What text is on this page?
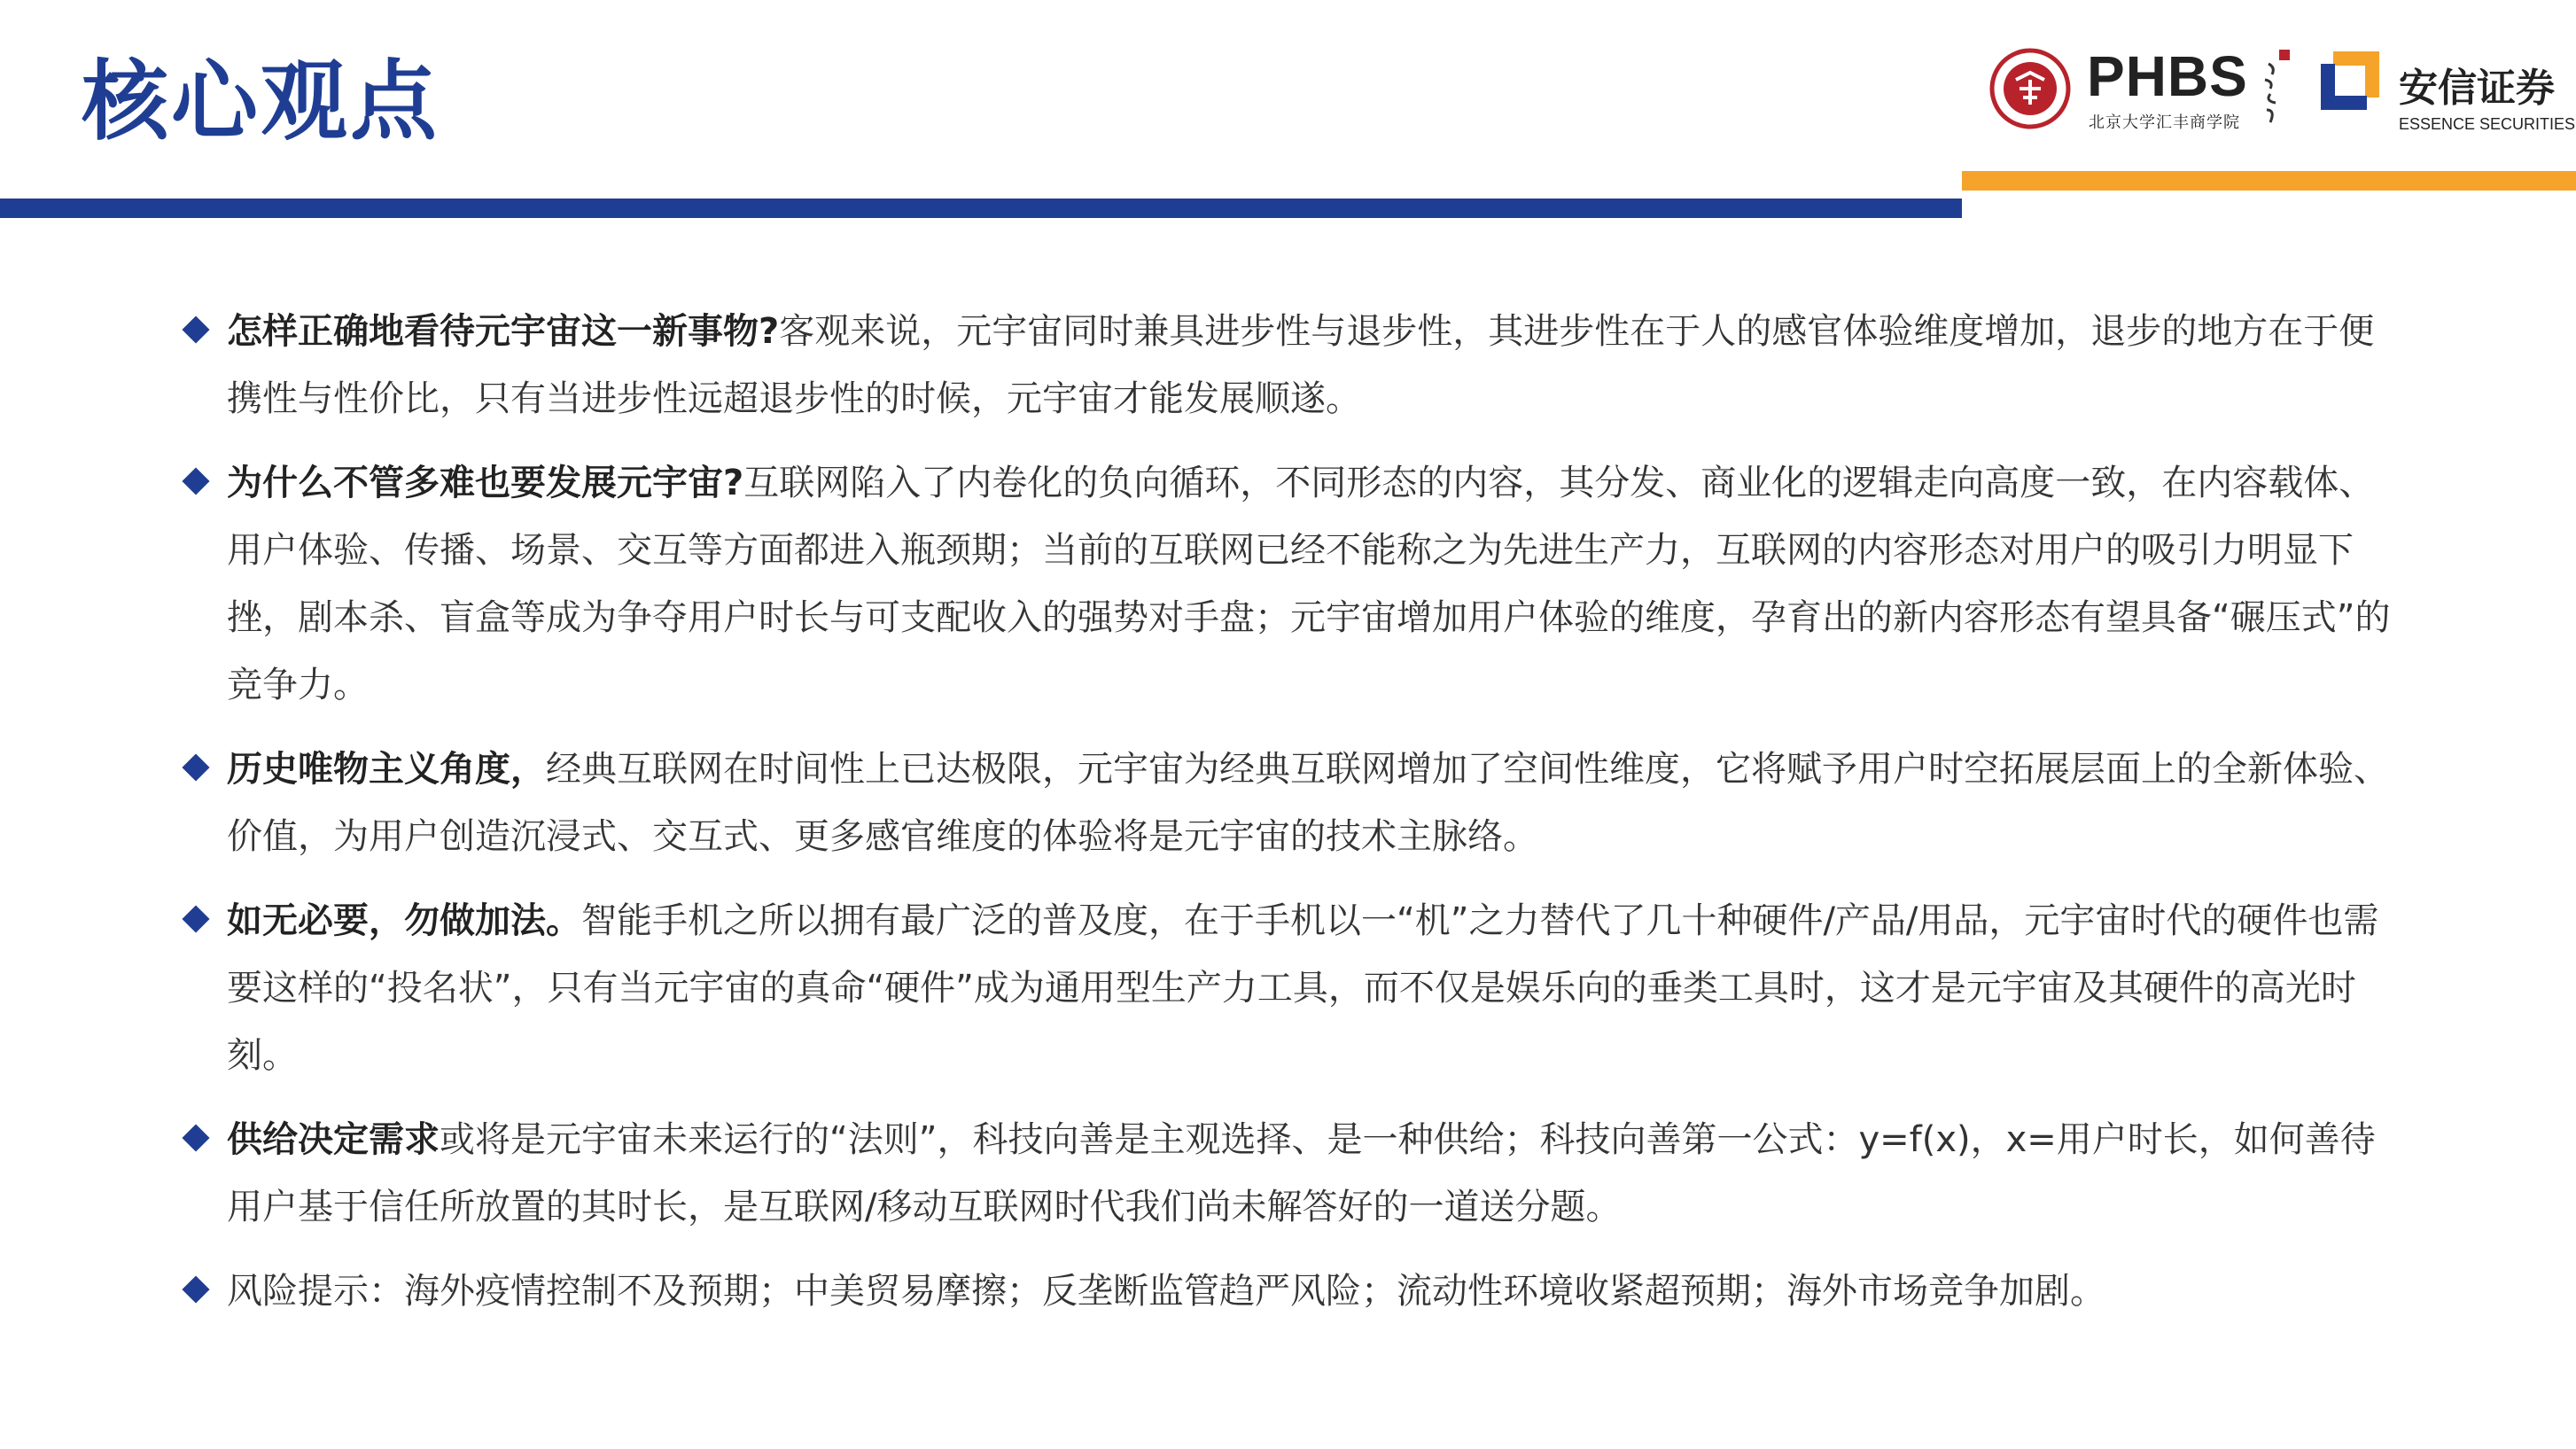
核心观点	PHBS
北京大学汇丰商学院
安信证券
ESSENCE SECURITIES
怎样正确地看待元宇宙这一新事物?客观来说，元宇宙同时兼具进步性与退步性，其进步性在于人的感官体验维度增加，退步的地方在于便携性与性价比，只有当进步性远超退步性的时候，元宇宙才能发展顺遂。
为什么不管多难也要发展元宇宙?互联网陷入了内卷化的负向循环，不同形态的内容，其分发、商业化的逻辑走向高度一致，在内容载体、用户体验、传播、场景、交互等方面都进入瓶颈期；当前的互联网已经不能称之为先进生产力，互联网的内容形态对用户的吸引力明显下挫，剧本杀、盲盒等成为争夺用户时长与可支配收入的强势对手盘；元宇宙增加用户体验的维度，孕育出的新内容形态有望具备“碾压式”的竞争力。
历史唯物主义角度，经典互联网在时间性上已达极限，元宇宙为经典互联网增加了空间性维度，它将赋予用户时空拓展层面上的全新体验、价值，为用户创造沉浸式、交互式、更多感官维度的体验将是元宇宙的技术主脉络。
如无必要，勿做加法。智能手机之所以拥有最广泛的普及度，在于手机以一“机”之力替代了几十种硬件/产品/用品，元宇宙时代的硬件也需要这样的“投名状”，只有当元宇宙的真命“硬件”成为通用型生产力工具，而不仅是娱乐向的垂类工具时，这才是元宇宙及其硬件的高光时刻。
供给决定需求或将是元宇宙未来运行的“法则”，科技向善是主观选择、是一种供给；科技向善第一公式：y=f(x)，x=用户时长，如何善待用户基于信任所放置的其时长，是互联网/移动互联网时代我们尚未解答好的一道送分题。
风险提示：海外疫情控制不及预期；中美贸易摩擦；反垄断监管趋严风险；流动性环境收紧超预期；海外市场竞争加剧。
